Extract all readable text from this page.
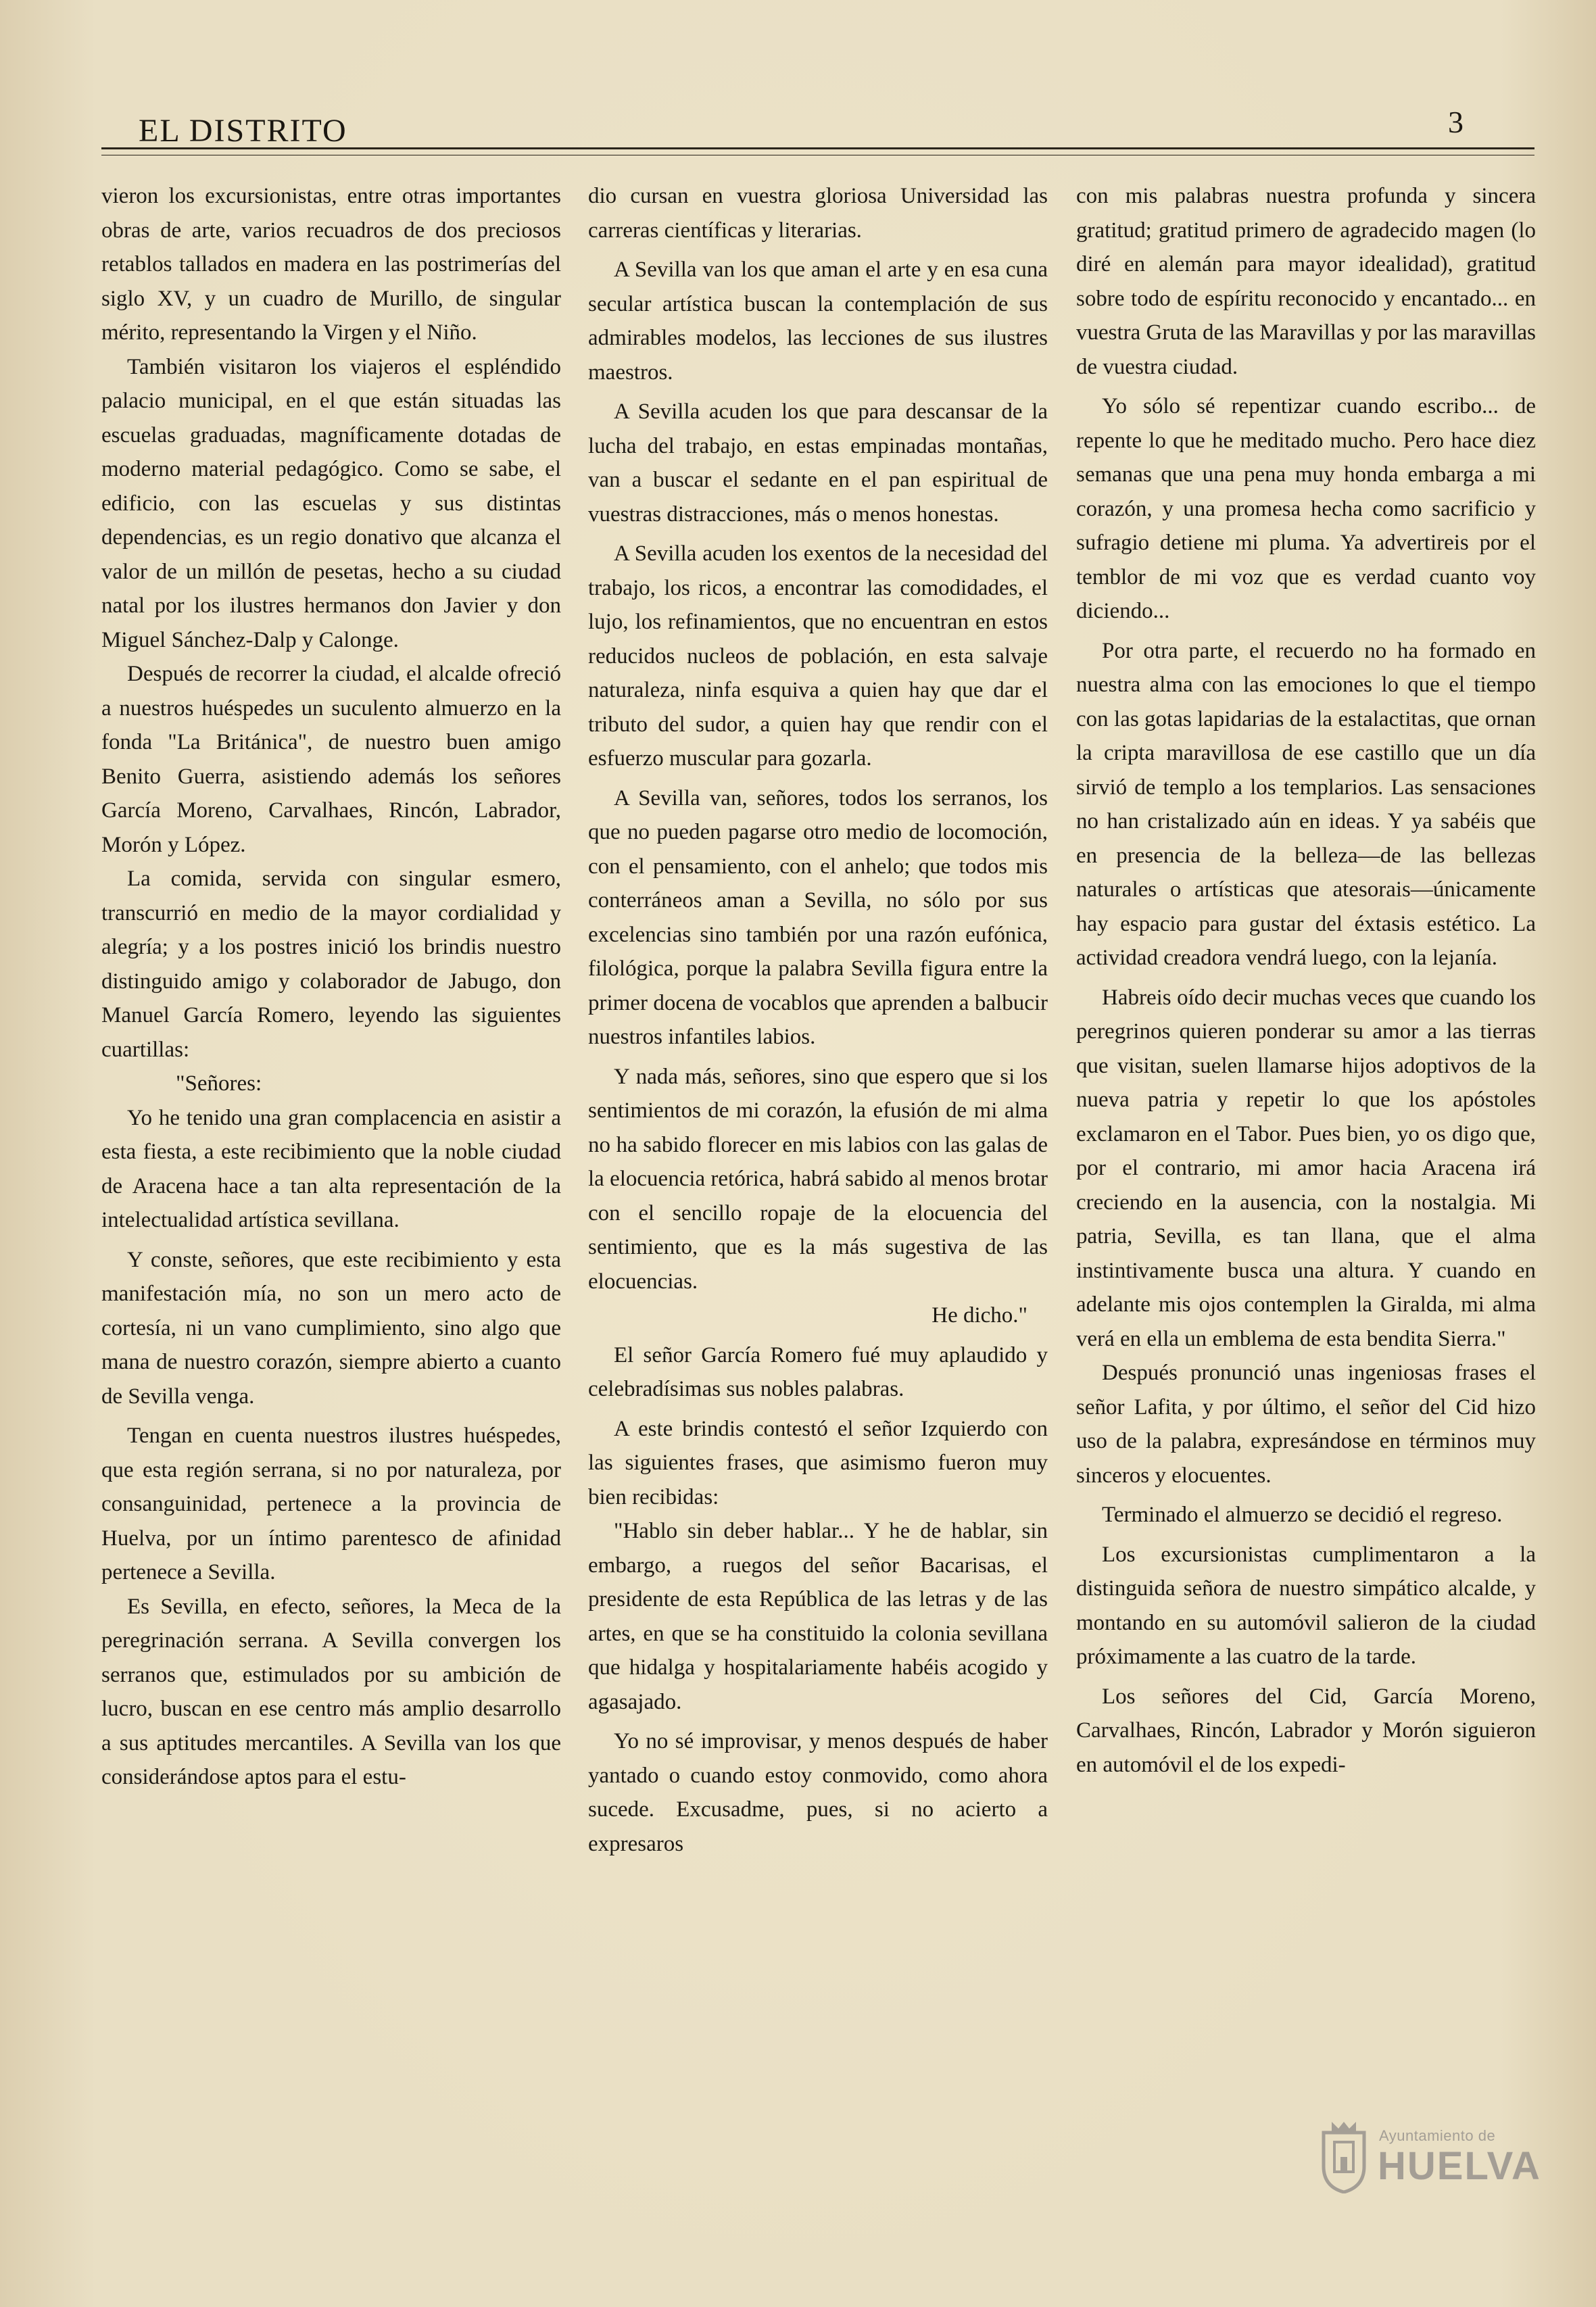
EL DISTRITO	3

vieron los excursionistas, entre otras importantes obras de arte, varios recuadros de dos preciosos retablos tallados en madera en las postrimerías del siglo XV, y un cuadro de Murillo, de singular mérito, representando la Virgen y el Niño.

También visitaron los viajeros el espléndido palacio municipal, en el que están situadas las escuelas graduadas, magníficamente dotadas de moderno material pedagógico. Como se sabe, el edificio, con las escuelas y sus distintas dependencias, es un regio donativo que alcanza el valor de un millón de pesetas, hecho a su ciudad natal por los ilustres hermanos don Javier y don Miguel Sánchez-Dalp y Calonge.

Después de recorrer la ciudad, el alcalde ofreció a nuestros huéspedes un suculento almuerzo en la fonda "La Británica", de nuestro buen amigo Benito Guerra, asistiendo además los señores García Moreno, Carvalhaes, Rincón, Labrador, Morón y López.

La comida, servida con singular esmero, transcurrió en medio de la mayor cordialidad y alegría; y a los postres inició los brindis nuestro distinguido amigo y colaborador de Jabugo, don Manuel García Romero, leyendo las siguientes cuartillas:

"Señores:

Yo he tenido una gran complacencia en asistir a esta fiesta, a este recibimiento que la noble ciudad de Aracena hace a tan alta representación de la intelectualidad artística sevillana.

Y conste, señores, que este recibimiento y esta manifestación mía, no son un mero acto de cortesía, ni un vano cumplimiento, sino algo que mana de nuestro corazón, siempre abierto a cuanto de Sevilla venga.

Tengan en cuenta nuestros ilustres huéspedes, que esta región serrana, si no por naturaleza, por consanguinidad, pertenece a la provincia de Huelva, por un íntimo parentesco de afinidad pertenece a Sevilla.

Es Sevilla, en efecto, señores, la Meca de la peregrinación serrana. A Sevilla convergen los serranos que, estimulados por su ambición de lucro, buscan en ese centro más amplio desarrollo a sus aptitudes mercantiles. A Sevilla van los que considerándose aptos para el estu-

dio cursan en vuestra gloriosa Universidad las carreras científicas y literarias.

A Sevilla van los que aman el arte y en esa cuna secular artística buscan la contemplación de sus admirables modelos, las lecciones de sus ilustres maestros.

A Sevilla acuden los que para descansar de la lucha del trabajo, en estas empinadas montañas, van a buscar el sedante en el pan espiritual de vuestras distracciones, más o menos honestas.

A Sevilla acuden los exentos de la necesidad del trabajo, los ricos, a encontrar las comodidades, el lujo, los refinamientos, que no encuentran en estos reducidos nucleos de población, en esta salvaje naturaleza, ninfa esquiva a quien hay que dar el tributo del sudor, a quien hay que rendir con el esfuerzo muscular para gozarla.

A Sevilla van, señores, todos los serranos, los que no pueden pagarse otro medio de locomoción, con el pensamiento, con el anhelo; que todos mis conterráneos aman a Sevilla, no sólo por sus excelencias sino también por una razón eufónica, filológica, porque la palabra Sevilla figura entre la primer docena de vocablos que aprenden a balbucir nuestros infantiles labios.

Y nada más, señores, sino que espero que si los sentimientos de mi corazón, la efusión de mi alma no ha sabido florecer en mis labios con las galas de la elocuencia retórica, habrá sabido al menos brotar con el sencillo ropaje de la elocuencia del sentimiento, que es la más sugestiva de las elocuencias.

He dicho."

El señor García Romero fué muy aplaudido y celebradísimas sus nobles palabras.

A este brindis contestó el señor Izquierdo con las siguientes frases, que asimismo fueron muy bien recibidas:

"Hablo sin deber hablar... Y he de hablar, sin embargo, a ruegos del señor Bacarisas, el presidente de esta República de las letras y de las artes, en que se ha constituido la colonia sevillana que hidalga y hospitalariamente habéis acogido y agasajado.

Yo no sé improvisar, y menos después de haber yantado o cuando estoy conmovido, como ahora sucede. Excusadme, pues, si no acierto a expresaros

con mis palabras nuestra profunda y sincera gratitud; gratitud primero de agradecido magen (lo diré en alemán para mayor idealidad), gratitud sobre todo de espíritu reconocido y encantado... en vuestra Gruta de las Maravillas y por las maravillas de vuestra ciudad.

Yo sólo sé repentizar cuando escribo... de repente lo que he meditado mucho. Pero hace diez semanas que una pena muy honda embarga a mi corazón, y una promesa hecha como sacrificio y sufragio detiene mi pluma. Ya advertireis por el temblor de mi voz que es verdad cuanto voy diciendo...

Por otra parte, el recuerdo no ha formado en nuestra alma con las emociones lo que el tiempo con las gotas lapidarias de la estalactitas, que ornan la cripta maravillosa de ese castillo que un día sirvió de templo a los templarios. Las sensaciones no han cristalizado aún en ideas. Y ya sabéis que en presencia de la belleza—de las bellezas naturales o artísticas que atesorais—únicamente hay espacio para gustar del éxtasis estético. La actividad creadora vendrá luego, con la lejanía.

Habreis oído decir muchas veces que cuando los peregrinos quieren ponderar su amor a las tierras que visitan, suelen llamarse hijos adoptivos de la nueva patria y repetir lo que los apóstoles exclamaron en el Tabor. Pues bien, yo os digo que, por el contrario, mi amor hacia Aracena irá creciendo en la ausencia, con la nostalgia. Mi patria, Sevilla, es tan llana, que el alma instintivamente busca una altura. Y cuando en adelante mis ojos contemplen la Giralda, mi alma verá en ella un emblema de esta bendita Sierra."

Después pronunció unas ingeniosas frases el señor Lafita, y por último, el señor del Cid hizo uso de la palabra, expresándose en términos muy sinceros y elocuentes.

Terminado el almuerzo se decidió el regreso.

Los excursionistas cumplimentaron a la distinguida señora de nuestro simpático alcalde, y montando en su automóvil salieron de la ciudad próximamente a las cuatro de la tarde.

Los señores del Cid, García Moreno, Carvalhaes, Rincón, Labrador y Morón siguieron en automóvil el de los expedi-

Ayuntamiento de
HUELVA
